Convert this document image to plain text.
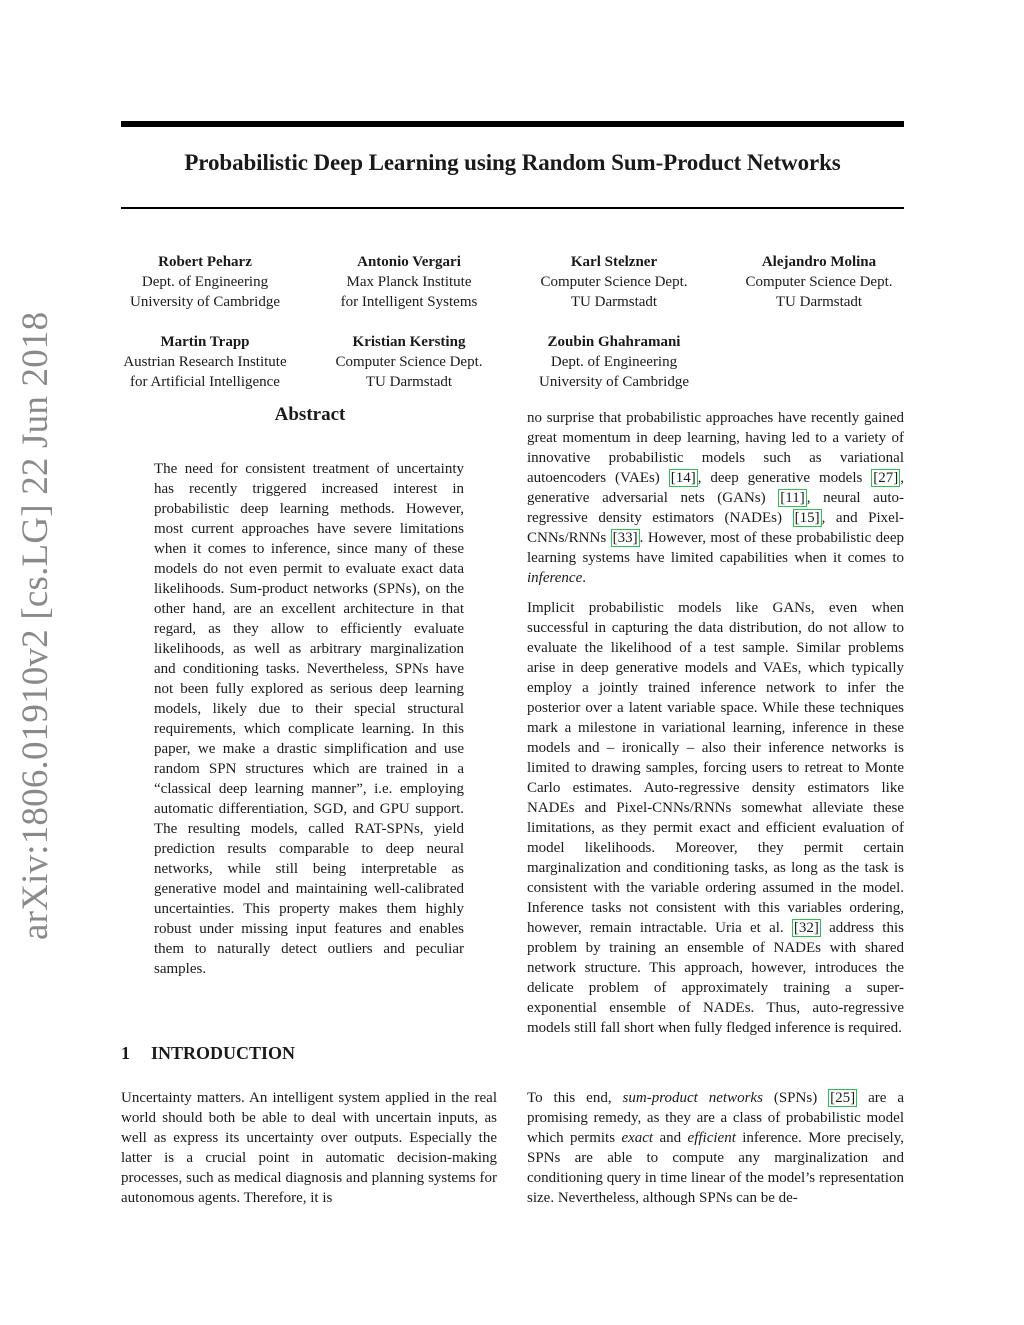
Probabilistic Deep Learning using Random Sum-Product Networks
Robert Peharz
Dept. of Engineering
University of Cambridge
Antonio Vergari
Max Planck Institute
for Intelligent Systems
Karl Stelzner
Computer Science Dept.
TU Darmstadt
Alejandro Molina
Computer Science Dept.
TU Darmstadt
Martin Trapp
Austrian Research Institute
for Artificial Intelligence
Kristian Kersting
Computer Science Dept.
TU Darmstadt
Zoubin Ghahramani
Dept. of Engineering
University of Cambridge
arXiv:1806.01910v2 [cs.LG] 22 Jun 2018	Abstract
The need for consistent treatment of uncertainty has recently triggered increased interest in probabilistic deep learning methods. However, most current approaches have severe limitations when it comes to inference, since many of these models do not even permit to evaluate exact data likelihoods. Sum-product networks (SPNs), on the other hand, are an excellent architecture in that regard, as they allow to efficiently evaluate likelihoods, as well as arbitrary marginalization and conditioning tasks. Nevertheless, SPNs have not been fully explored as serious deep learning models, likely due to their special structural requirements, which complicate learning. In this paper, we make a drastic simplification and use random SPN structures which are trained in a “classical deep learning manner”, i.e. employing automatic differentiation, SGD, and GPU support. The resulting models, called RAT-SPNs, yield prediction results comparable to deep neural networks, while still being interpretable as generative model and maintaining well-calibrated uncertainties. This property makes them highly robust under missing input features and enables them to naturally detect outliers and peculiar samples.
1 INTRODUCTION
Uncertainty matters. An intelligent system applied in the real world should both be able to deal with uncertain inputs, as well as express its uncertainty over outputs. Especially the latter is a crucial point in automatic decision-making processes, such as medical diagnosis and planning systems for autonomous agents. Therefore, it is
no surprise that probabilistic approaches have recently gained great momentum in deep learning, having led to a variety of innovative probabilistic models such as variational autoencoders (VAEs) [14] , deep generative models [27] , generative adversarial nets (GANs) [11] , neural auto-regressive density estimators (NADEs) [15] , and Pixel-CNNs/RNNs [33] . However, most of these probabilistic deep learning systems have limited capabilities when it comes to inference.
Implicit probabilistic models like GANs, even when successful in capturing the data distribution, do not allow to evaluate the likelihood of a test sample. Similar problems arise in deep generative models and VAEs, which typically employ a jointly trained inference network to infer the posterior over a latent variable space. While these techniques mark a milestone in variational learning, inference in these models and – ironically – also their inference networks is limited to drawing samples, forcing users to retreat to Monte Carlo estimates. Auto-regressive density estimators like NADEs and Pixel-CNNs/RNNs somewhat alleviate these limitations, as they permit exact and efficient evaluation of model likelihoods. Moreover, they permit certain marginalization and conditioning tasks, as long as the task is consistent with the variable ordering assumed in the model. Inference tasks not consistent with this variables ordering, however, remain intractable. Uria et al. [32] address this problem by training an ensemble of NADEs with shared network structure. This approach, however, introduces the delicate problem of approximately training a super-exponential ensemble of NADEs. Thus, auto-regressive models still fall short when fully fledged inference is required.
To this end, sum-product networks (SPNs) [25] are a promising remedy, as they are a class of probabilistic model which permits exact and efficient inference. More precisely, SPNs are able to compute any marginalization and conditioning query in time linear of the model’s representation size. Nevertheless, although SPNs can be de-
